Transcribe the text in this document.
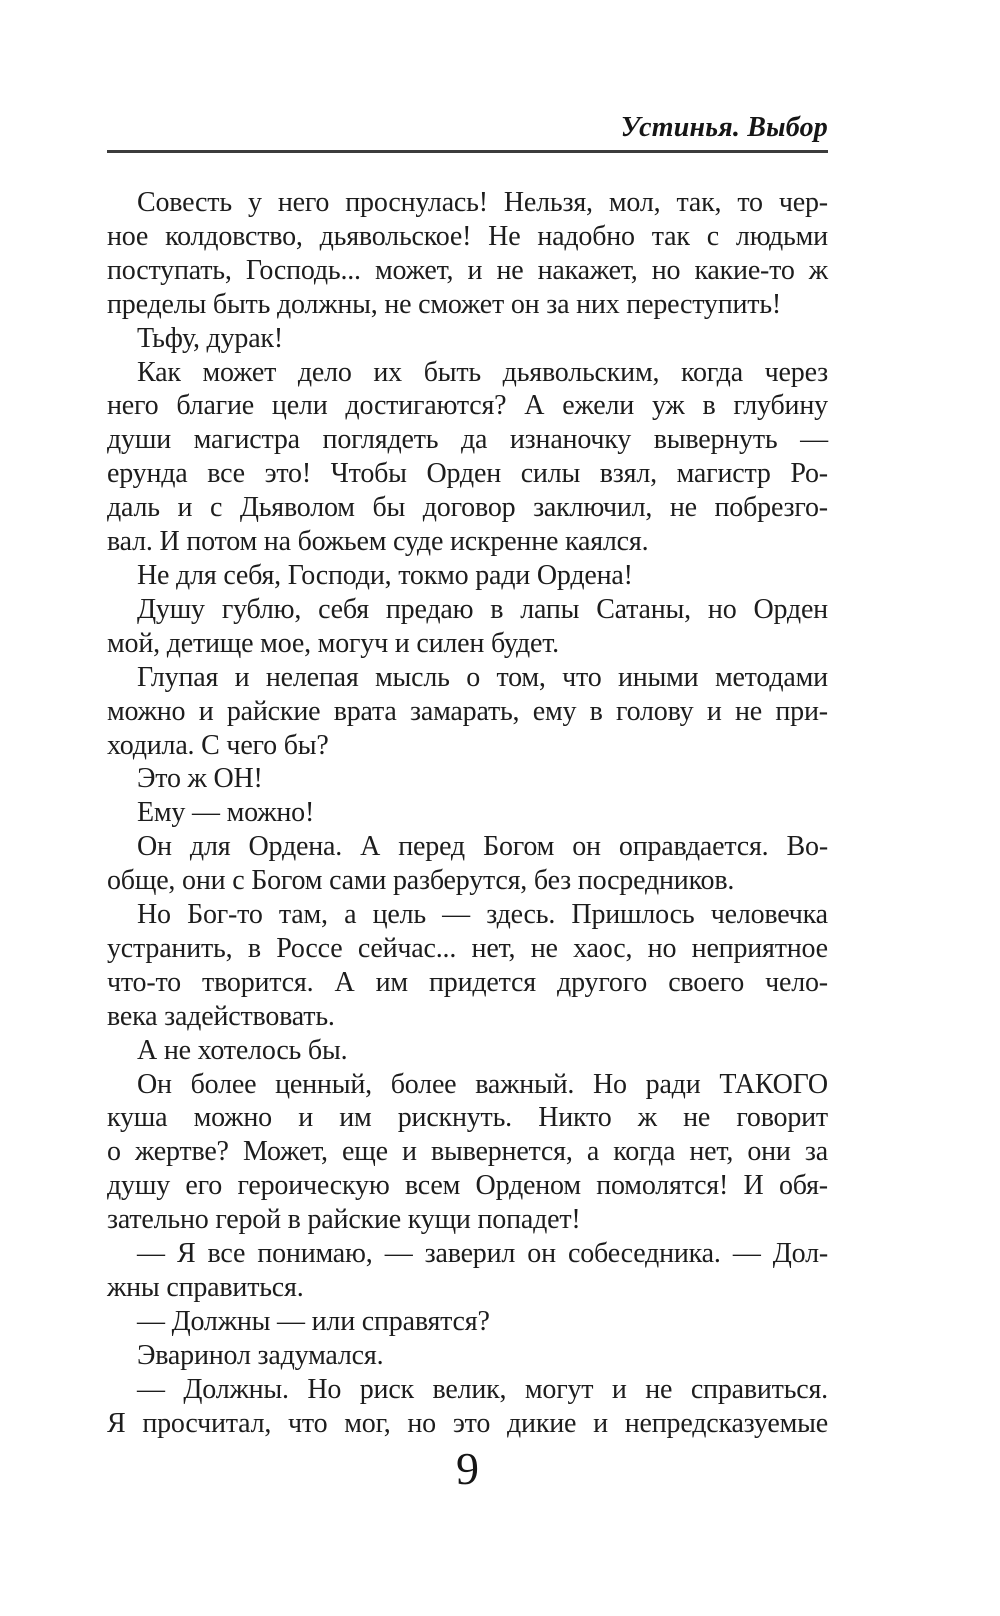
Устинья. Выбор
Совесть у него проснулась! Нельзя, мол, так, то чер-
ное колдовство, дьявольское! Не надобно так с людьми
поступать, Господь... может, и не накажет, но какие-то ж
пределы быть должны, не сможет он за них переступить!
Тьфу, дурак!
Как может дело их быть дьявольским, когда через
него благие цели достигаются? А ежели уж в глубину
души магистра поглядеть да изнаночку вывернуть —
ерунда все это! Чтобы Орден силы взял, магистр Ро-
даль и с Дьяволом бы договор заключил, не побрезго-
вал. И потом на божьем суде искренне каялся.
Не для себя, Господи, токмо ради Ордена!
Душу гублю, себя предаю в лапы Сатаны, но Орден
мой, детище мое, могуч и силен будет.
Глупая и нелепая мысль о том, что иными методами
можно и райские врата замарать, ему в голову и не при-
ходила. С чего бы?
Это ж ОН!
Ему — можно!
Он для Ордена. А перед Богом он оправдается. Во-
обще, они с Богом сами разберутся, без посредников.
Но Бог-то там, а цель — здесь. Пришлось человечка
устранить, в Россе сейчас... нет, не хаос, но неприятное
что-то творится. А им придется другого своего чело-
века задействовать.
А не хотелось бы.
Он более ценный, более важный. Но ради ТАКОГО
куша можно и им рискнуть. Никто ж не говорит
о жертве? Может, еще и вывернется, а когда нет, они за
душу его героическую всем Орденом помолятся! И обя-
зательно герой в райские кущи попадет!
— Я все понимаю, — заверил он собеседника. — Дол-
жны справиться.
— Должны — или справятся?
Эваринол задумался.
— Должны. Но риск велик, могут и не справиться.
Я просчитал, что мог, но это дикие и непредсказуемые
9
